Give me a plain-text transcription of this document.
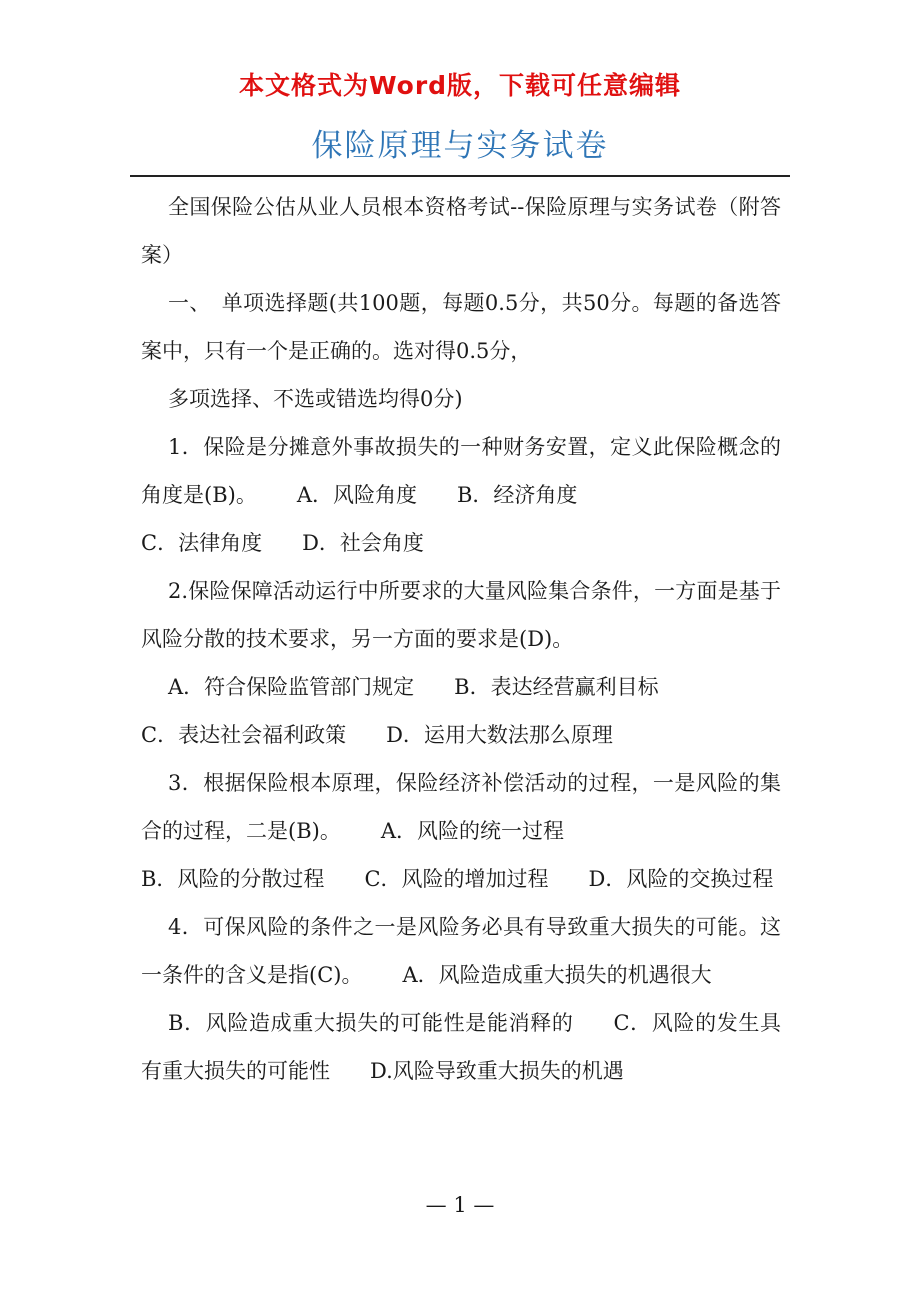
本文格式为Word版，下载可任意编辑
保险原理与实务试卷

全国保险公估从业人员根本资格考试--保险原理与实务试卷（附答案）

一、　单项选择题(共100题，每题0.5分，共50分。每题的备选答案中，只有一个是正确的。选对得0.5分，

多项选择、不选或错选均得0分)

1．保险是分摊意外事故损失的一种财务安置，定义此保险概念的角度是(B)。 A．风险角度 B．经济角度
C．法律角度 D．社会角度

2.保险保障活动运行中所要求的大量风险集合条件，一方面是基于风险分散的技术要求，另一方面的要求是(D)。

A．符合保险监管部门规定 B．表达经营赢利目标
C．表达社会福利政策 D．运用大数法那么原理

3．根据保险根本原理，保险经济补偿活动的过程，一是风险的集合的过程，二是(B)。 A．风险的统一过程
B．风险的分散过程 C．风险的增加过程 D．风险的交换过程

4．可保风险的条件之一是风险务必具有导致重大损失的可能。这一条件的含义是指(C)。 A．风险造成重大损失的机遇很大

B．风险造成重大损失的可能性是能消释的 C．风险的发生具有重大损失的可能性 D.风险导致重大损失的机遇

— 1 —
